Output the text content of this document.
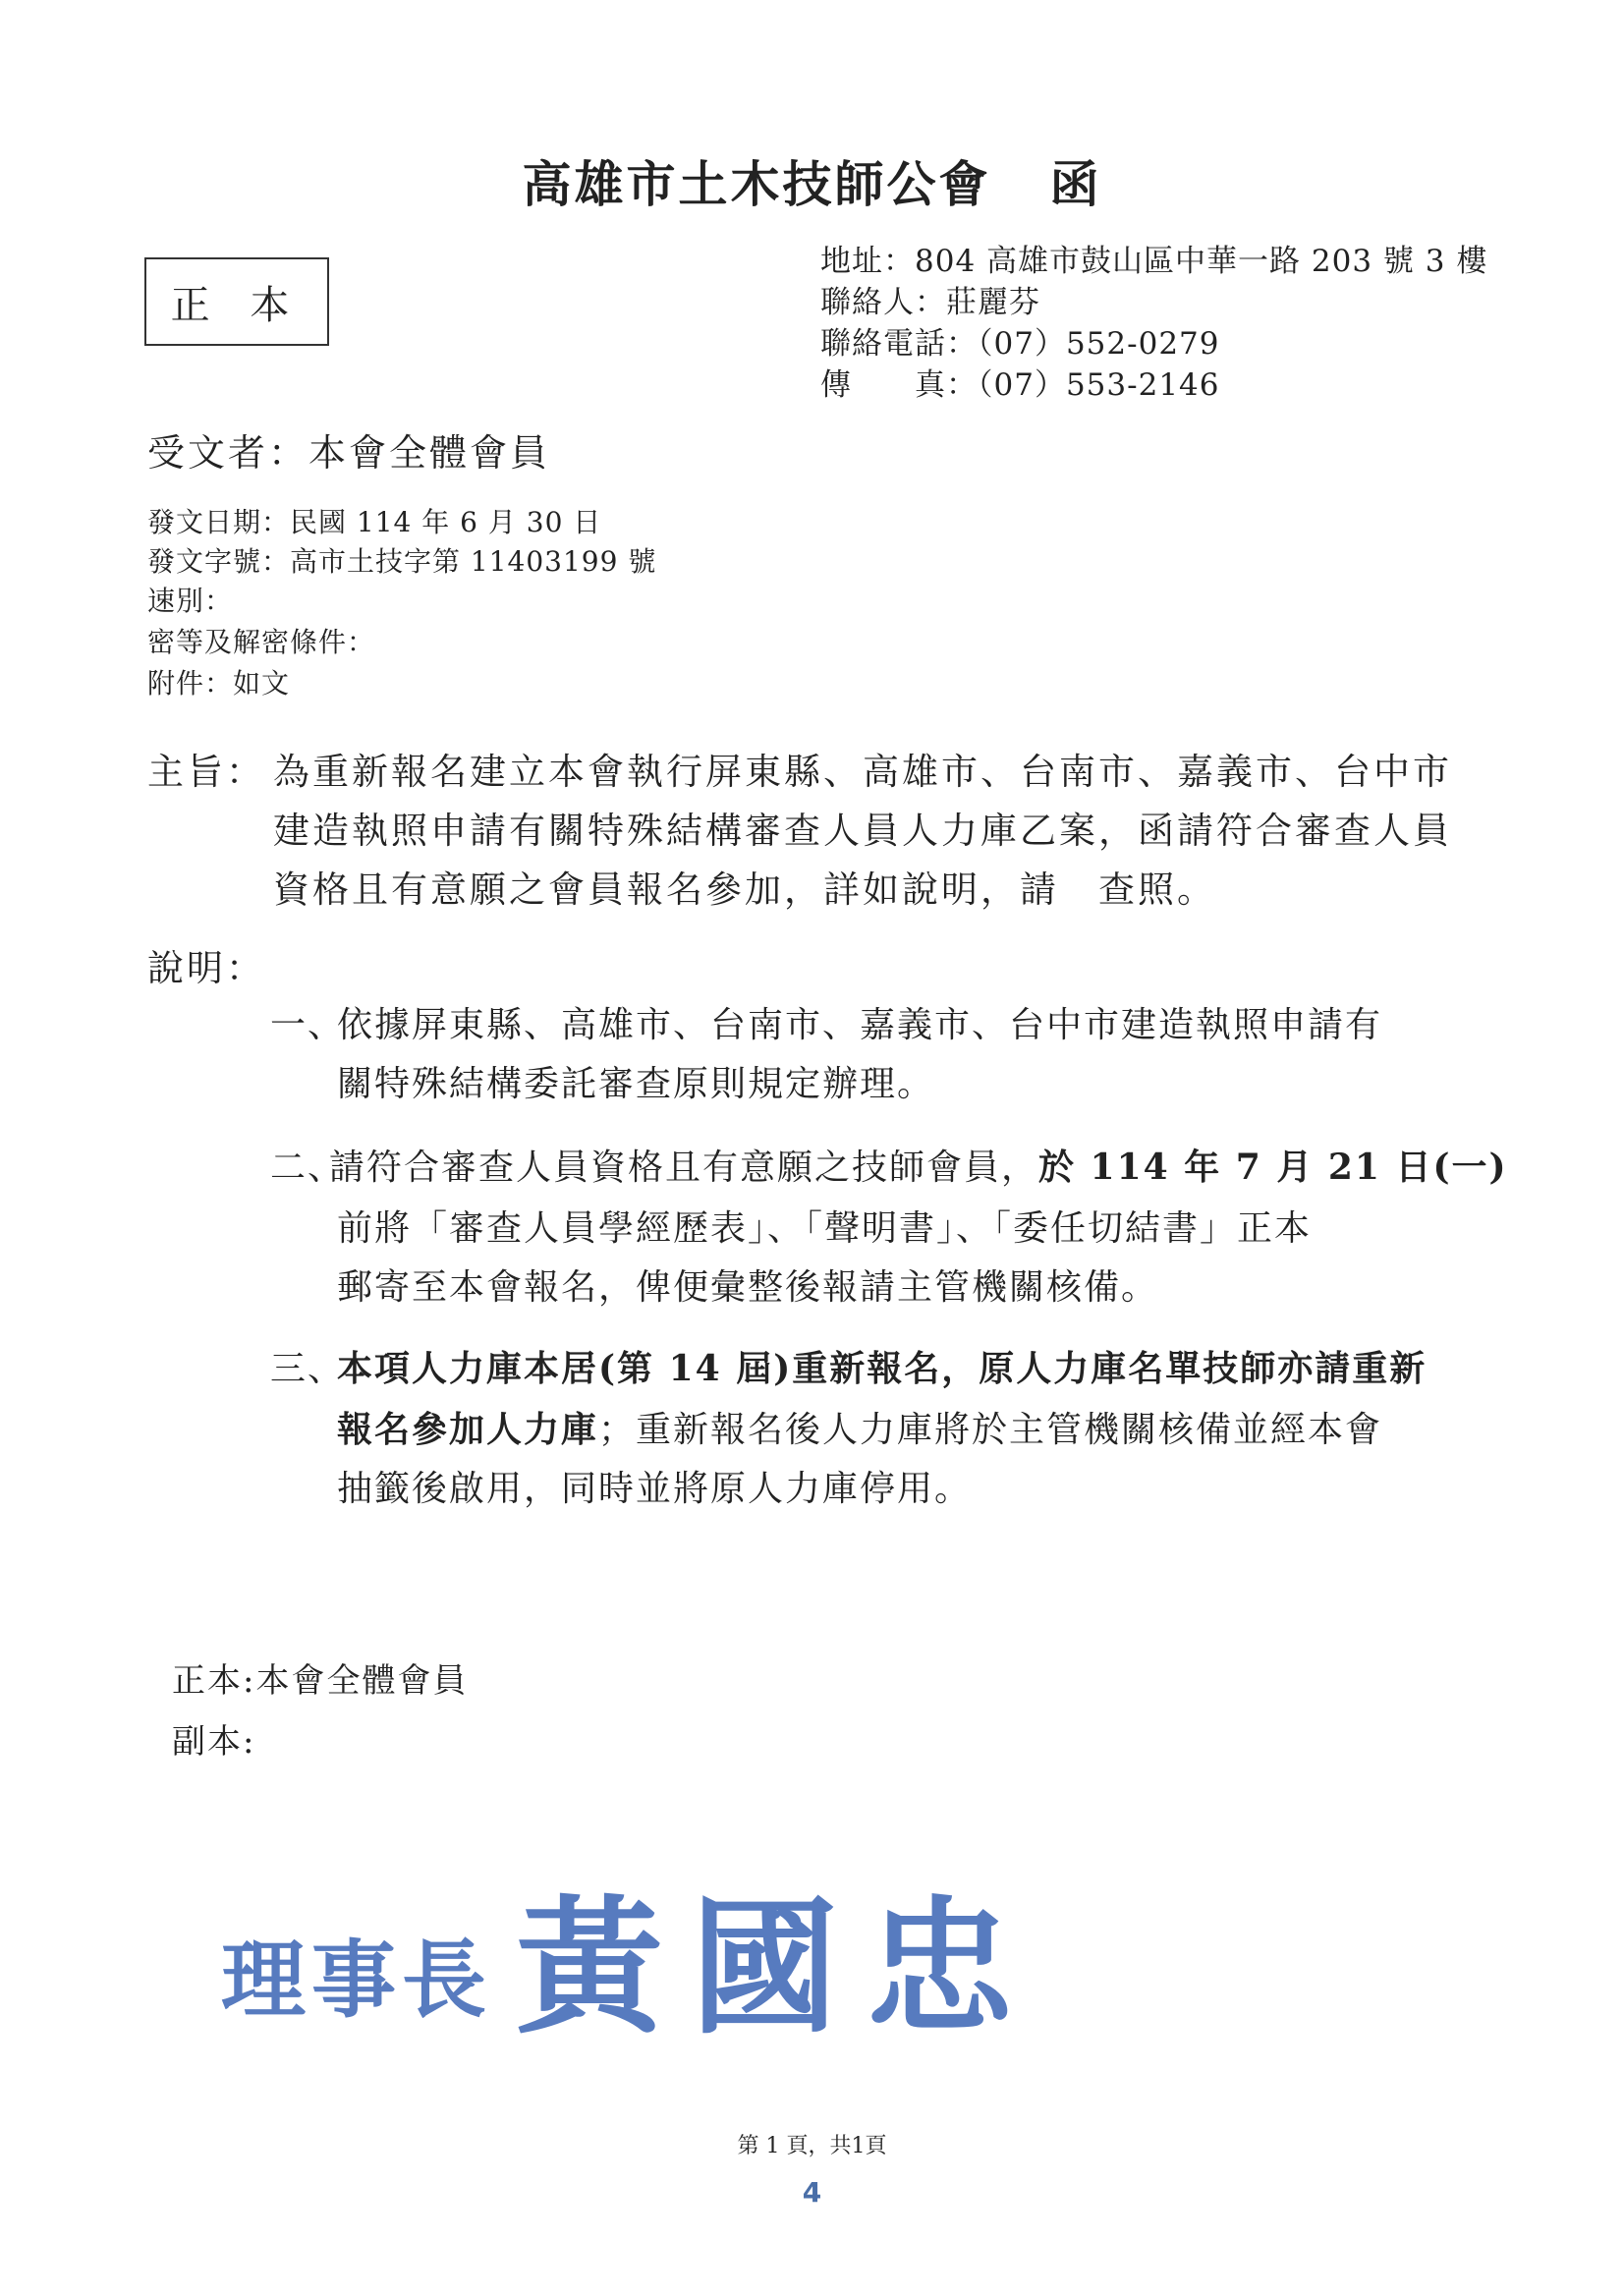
高雄市土木技師公會 函
正 本
地址：804 高雄市鼓山區中華一路 203 號 3 樓
聯絡人：莊麗芬
聯絡電話：（07）552-0279
傳　　真：（07）553-2146
受文者：本會全體會員
發文日期：民國 114 年 6 月 30 日
發文字號：高市土技字第 11403199 號
速別：
密等及解密條件：
附件：如文
主旨： 為重新報名建立本會執行屏東縣、高雄市、台南市、嘉義市、台中市
建造執照申請有關特殊結構審查人員人力庫乙案，函請符合審查人員
資格且有意願之會員報名參加，詳如說明，請　查照。
說明：
一、
依據屏東縣、高雄市、台南市、嘉義市、台中市建造執照申請有
關特殊結構委託審查原則規定辦理。
二、
請符合審查人員資格且有意願之技師會員，於 114 年 7 月 21 日(一)
前將「審查人員學經歷表」、「聲明書」、「委任切結書」正本
郵寄至本會報名，俾便彙整後報請主管機關核備。
三、
本項人力庫本居(第 14 屆)重新報名，原人力庫名單技師亦請重新
報名參加人力庫；重新報名後人力庫將於主管機關核備並經本會
抽籤後啟用，同時並將原人力庫停用。
正本:本會全體會員
副本:
理事長 黃國忠
第 1 頁，共1頁
4
